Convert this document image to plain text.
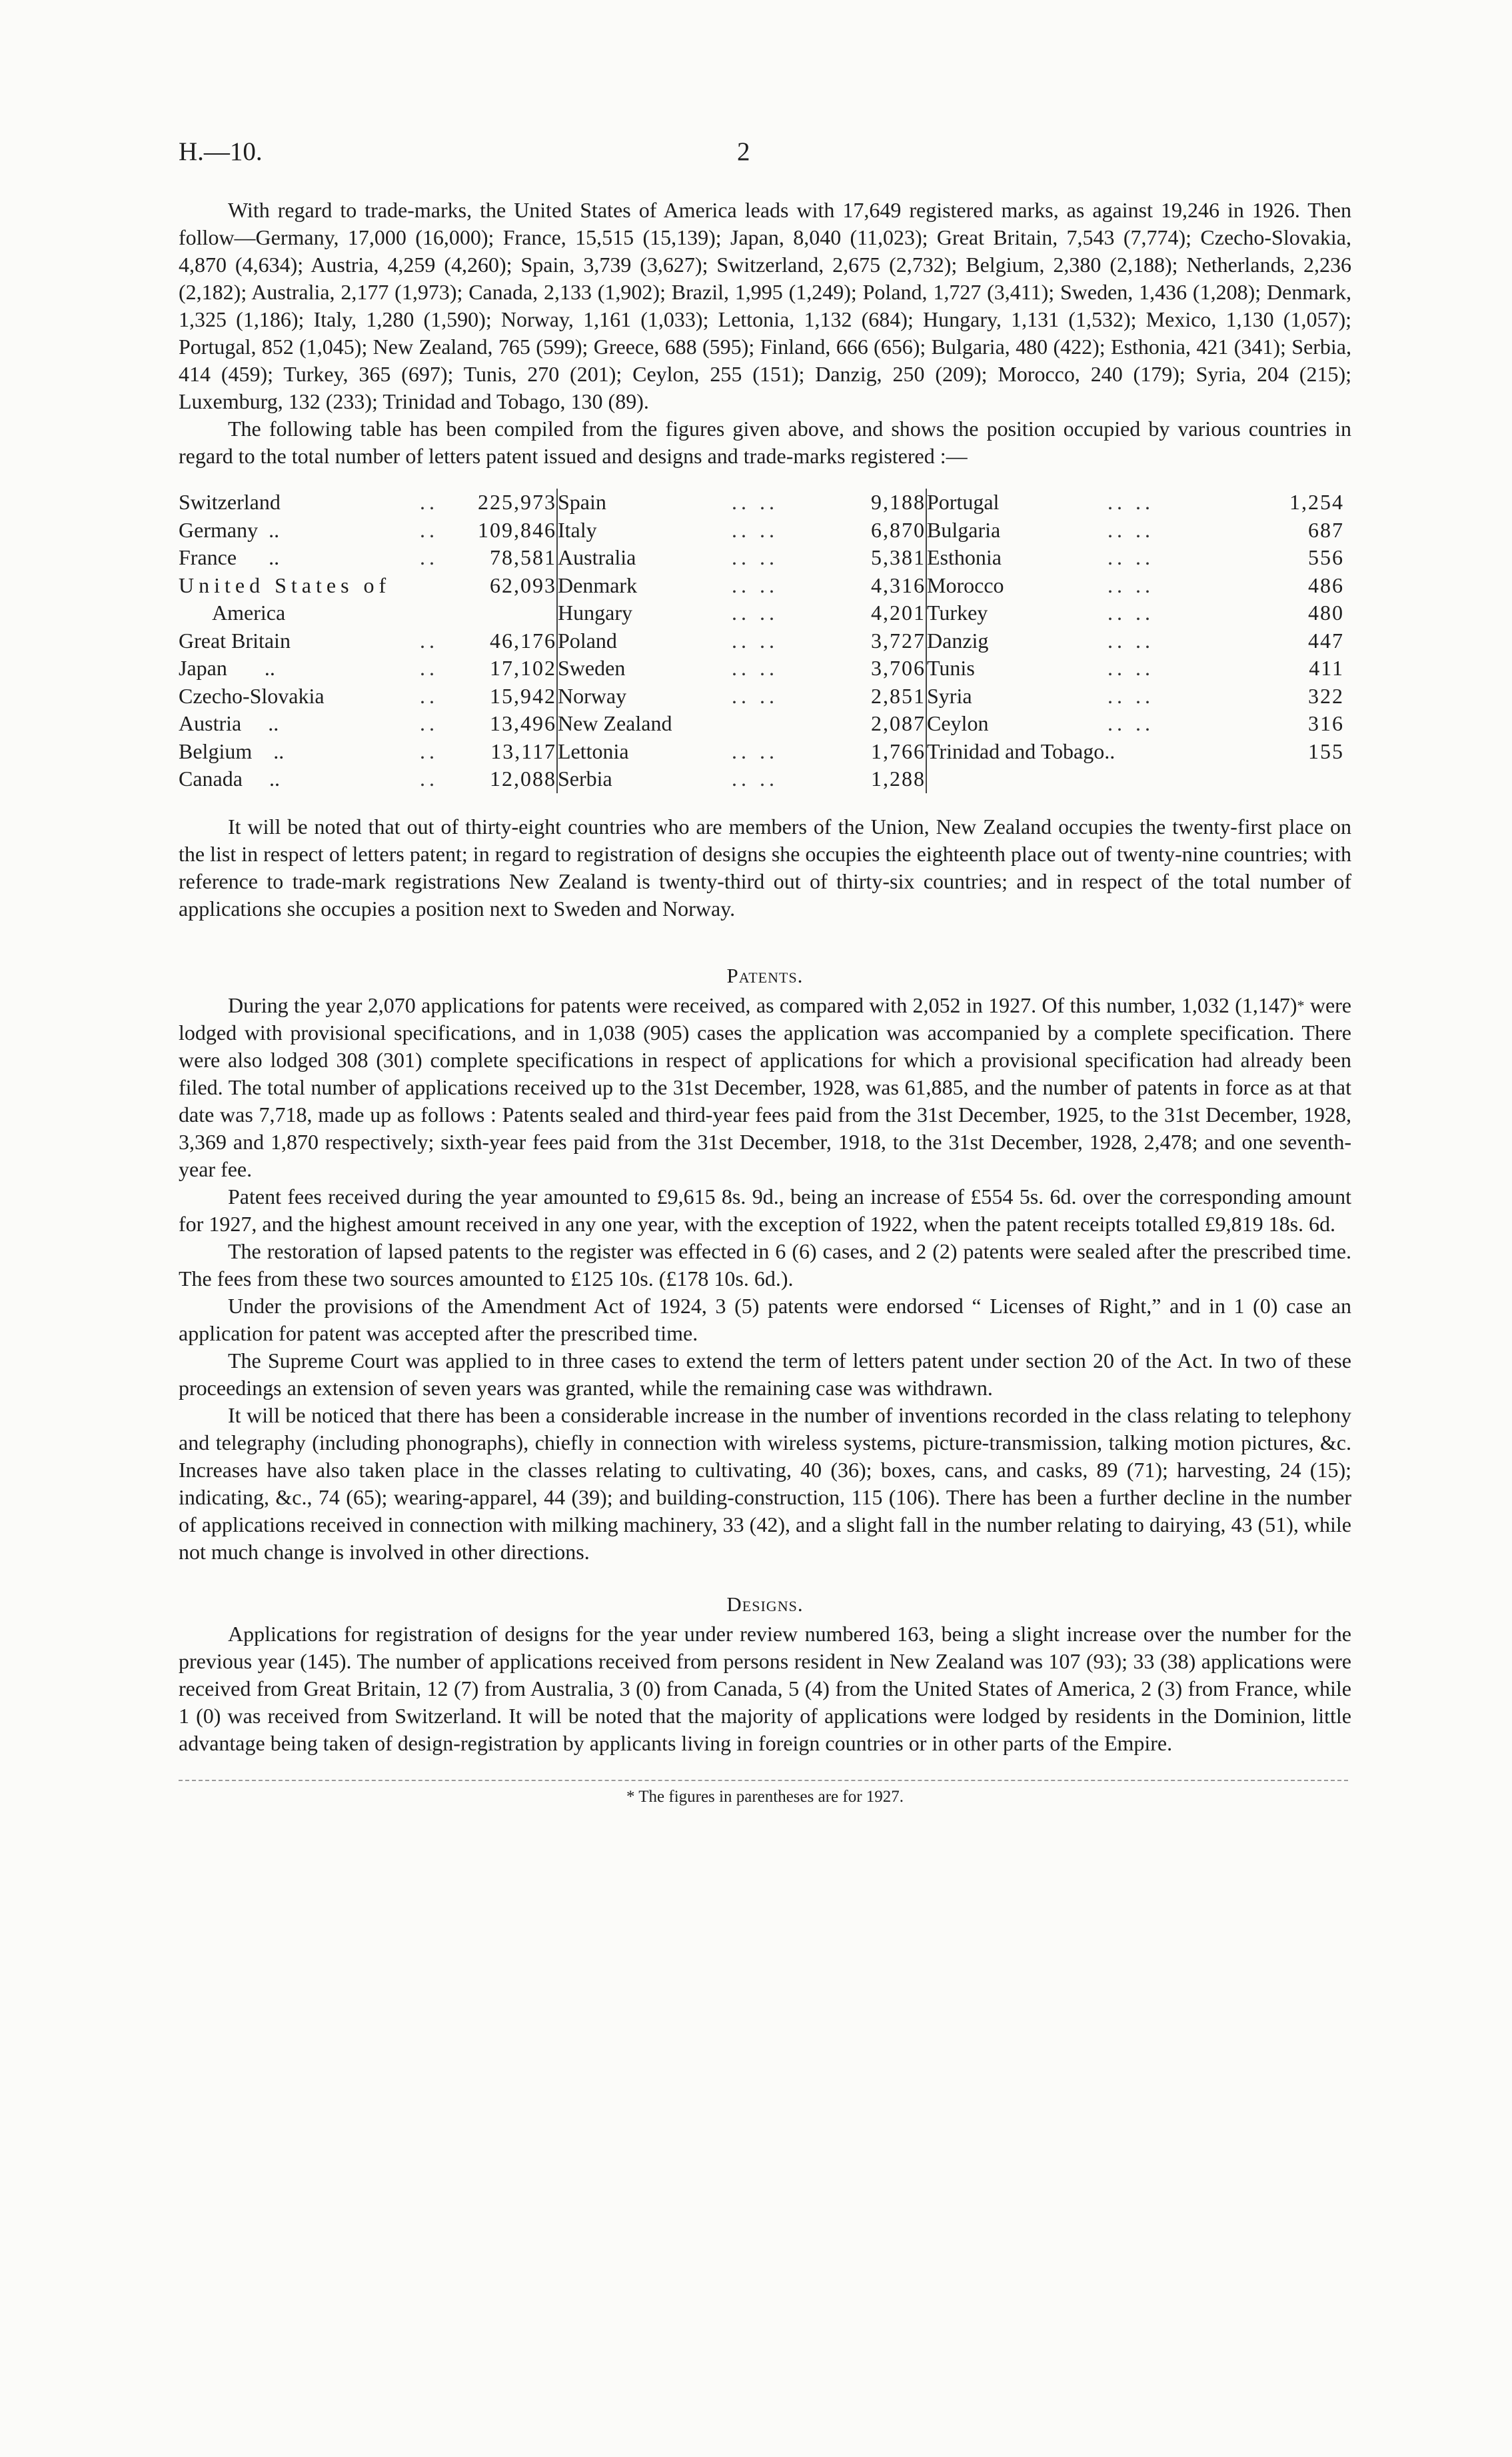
H.—10.	2

With regard to trade-marks, the United States of America leads with 17,649 registered marks, as against 19,246 in 1926. Then follow—Germany, 17,000 (16,000); France, 15,515 (15,139); Japan, 8,040 (11,023); Great Britain, 7,543 (7,774); Czecho-Slovakia, 4,870 (4,634); Austria, 4,259 (4,260); Spain, 3,739 (3,627); Switzerland, 2,675 (2,732); Belgium, 2,380 (2,188); Netherlands, 2,236 (2,182); Australia, 2,177 (1,973); Canada, 2,133 (1,902); Brazil, 1,995 (1,249); Poland, 1,727 (3,411); Sweden, 1,436 (1,208); Denmark, 1,325 (1,186); Italy, 1,280 (1,590); Norway, 1,161 (1,033); Lettonia, 1,132 (684); Hungary, 1,131 (1,532); Mexico, 1,130 (1,057); Portugal, 852 (1,045); New Zealand, 765 (599); Greece, 688 (595); Finland, 666 (656); Bulgaria, 480 (422); Esthonia, 421 (341); Serbia, 414 (459); Turkey, 365 (697); Tunis, 270 (201); Ceylon, 255 (151); Danzig, 250 (209); Morocco, 240 (179); Syria, 204 (215); Luxemburg, 132 (233); Trinidad and Tobago, 130 (89).

The following table has been compiled from the figures given above, and shows the position occupied by various countries in regard to the total number of letters patent issued and designs and trade-marks registered :—

Switzerland	..	225,973	Spain	.. ..	9,188	Portugal	.. ..	1,254
Germany ..	..	109,846	Italy	.. ..	6,870	Bulgaria	.. ..	687
France ..	..	78,581	Australia	.. ..	5,381	Esthonia	.. ..	556
United States of		62,093	Denmark	.. ..	4,316	Morocco	.. ..	486
America			Hungary	.. ..	4,201	Turkey	.. ..	480
Great Britain	..	46,176	Poland	.. ..	3,727	Danzig	.. ..	447
Japan ..	..	17,102	Sweden	.. ..	3,706	Tunis	.. ..	411
Czecho-Slovakia	..	15,942	Norway	.. ..	2,851	Syria	.. ..	322
Austria ..	..	13,496	New Zealand		2,087	Ceylon	.. ..	316
Belgium ..	..	13,117	Lettonia	.. ..	1,766	Trinidad and Tobago..		155
Canada ..	..	12,088	Serbia	.. ..	1,288			

It will be noted that out of thirty-eight countries who are members of the Union, New Zealand occupies the twenty-first place on the list in respect of letters patent; in regard to registration of designs she occupies the eighteenth place out of twenty-nine countries; with reference to trade-mark registrations New Zealand is twenty-third out of thirty-six countries; and in respect of the total number of applications she occupies a position next to Sweden and Norway.

Patents.

During the year 2,070 applications for patents were received, as compared with 2,052 in 1927. Of this number, 1,032 (1,147)* were lodged with provisional specifications, and in 1,038 (905) cases the application was accompanied by a complete specification. There were also lodged 308 (301) complete specifications in respect of applications for which a provisional specification had already been filed. The total number of applications received up to the 31st December, 1928, was 61,885, and the number of patents in force as at that date was 7,718, made up as follows : Patents sealed and third-year fees paid from the 31st December, 1925, to the 31st December, 1928, 3,369 and 1,870 respectively; sixth-year fees paid from the 31st December, 1918, to the 31st December, 1928, 2,478; and one seventh-year fee.

Patent fees received during the year amounted to £9,615 8s. 9d., being an increase of £554 5s. 6d. over the corresponding amount for 1927, and the highest amount received in any one year, with the exception of 1922, when the patent receipts totalled £9,819 18s. 6d.

The restoration of lapsed patents to the register was effected in 6 (6) cases, and 2 (2) patents were sealed after the prescribed time. The fees from these two sources amounted to £125 10s. (£178 10s. 6d.).

Under the provisions of the Amendment Act of 1924, 3 (5) patents were endorsed “ Licenses of Right,” and in 1 (0) case an application for patent was accepted after the prescribed time.

The Supreme Court was applied to in three cases to extend the term of letters patent under section 20 of the Act. In two of these proceedings an extension of seven years was granted, while the remaining case was withdrawn.

It will be noticed that there has been a considerable increase in the number of inventions recorded in the class relating to telephony and telegraphy (including phonographs), chiefly in connection with wireless systems, picture-transmission, talking motion pictures, &c. Increases have also taken place in the classes relating to cultivating, 40 (36); boxes, cans, and casks, 89 (71); harvesting, 24 (15); indicating, &c., 74 (65); wearing-apparel, 44 (39); and building-construction, 115 (106). There has been a further decline in the number of applications received in connection with milking machinery, 33 (42), and a slight fall in the number relating to dairying, 43 (51), while not much change is involved in other directions.

Designs.

Applications for registration of designs for the year under review numbered 163, being a slight increase over the number for the previous year (145). The number of applications received from persons resident in New Zealand was 107 (93); 33 (38) applications were received from Great Britain, 12 (7) from Australia, 3 (0) from Canada, 5 (4) from the United States of America, 2 (3) from France, while 1 (0) was received from Switzerland. It will be noted that the majority of applications were lodged by residents in the Dominion, little advantage being taken of design-registration by applicants living in foreign countries or in other parts of the Empire.

* The figures in parentheses are for 1927.
